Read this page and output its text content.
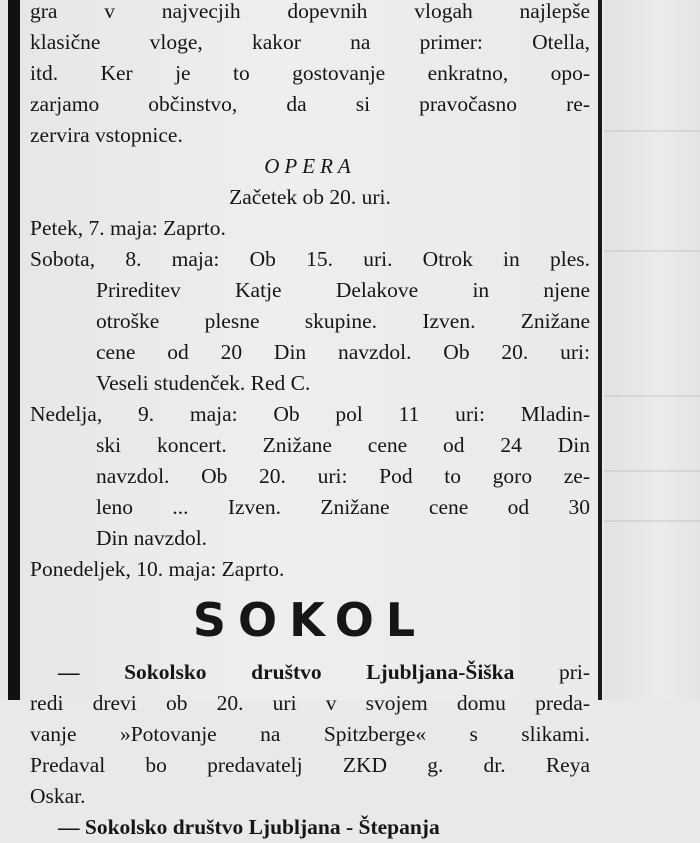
gra v najvecjih dopevnih vlogah najlepše
klasične vloge, kakor na primer: Otella,
itd. Ker je to gostovanje enkratno, opo-
zarjamo občinstvo, da si pravočasno re-
zervira vstopnice.
OPERA
Začetek ob 20. uri.
Petek, 7. maja: Zaprto.
Sobota, 8. maja: Ob 15. uri. Otrok in ples.
Prireditev Katje Delakove in njene
otroške plesne skupine. Izven. Znižane
cene od 20 Din navzdol. Ob 20. uri:
Veseli studenček. Red C.
Nedelja, 9. maja: Ob pol 11 uri: Mladin-
ski koncert. Znižane cene od 24 Din
navzdol. Ob 20. uri: Pod to goro ze-
leno ... Izven. Znižane cene od 30
Din navzdol.
Ponedeljek, 10. maja: Zaprto.
SOKOL
— Sokolsko društvo Ljubljana-Šiška pri-
redi drevi ob 20. uri v svojem domu preda-
vanje »Potovanje na Spitzberge« s slikami.
Predaval bo predavatelj ZKD g. dr. Reya
Oskar.
— Sokolsko društvo Ljubljana - Štepanja
